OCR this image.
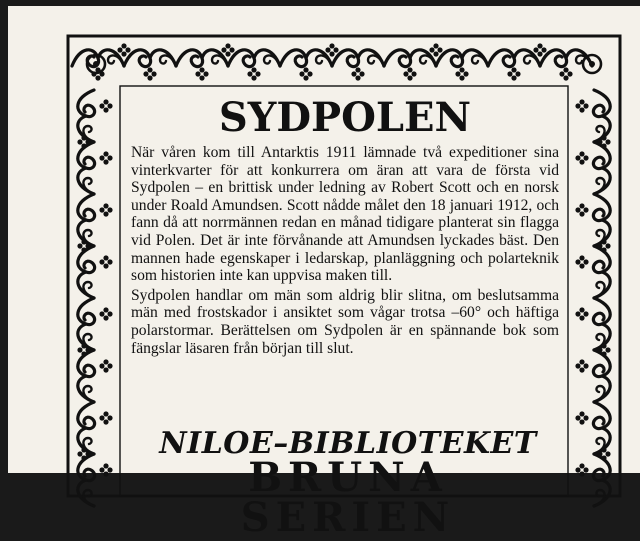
SYDPOLEN

När våren kom till Antarktis 1911 lämnade två expeditioner sina vinterkvarter för att konkurrera om äran att vara de första vid Sydpolen – en brittisk under ledning av Robert Scott och en norsk under Roald Amundsen. Scott nådde målet den 18 januari 1912, och fann då att norrmännen redan en månad tidigare planterat sin flagga vid Polen. Det är inte förvånande att Amundsen lyckades bäst. Den mannen hade egenskaper i ledarskap, planläggning och polarteknik som historien inte kan uppvisa maken till.

Sydpolen handlar om män som aldrig blir slitna, om beslutsamma män med frostskador i ansiktet som vågar trotsa –60° och häftiga polarstormar. Berättelsen om Sydpolen är en spännande bok som fängslar läsaren från början till slut.

NILOE–BIBLIOTEKET

BRUNA SERIEN
